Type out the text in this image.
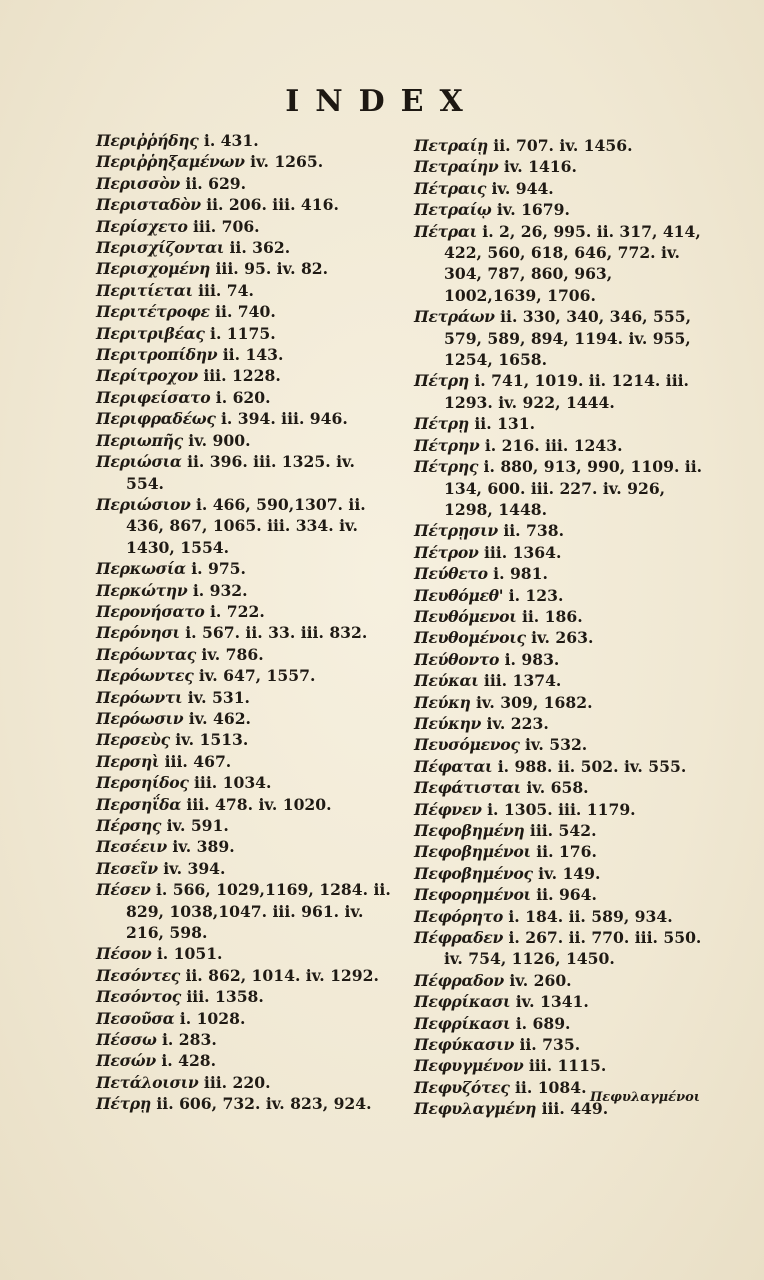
INDEX
Περιῤῥήδης i. 431.
Περιῤῥηξαμένων iv. 1265.
Περισσὸν ii. 629.
Περισταδὸν ii. 206. iii. 416.
Περίσχετο iii. 706.
Περισχίζονται ii. 362.
Περισχομένη iii. 95. iv. 82.
Περιτίεται iii. 74.
Περιτέτροφε ii. 740.
Περιτριβέας i. 1175.
Περιτροπίδην ii. 143.
Περίτροχον iii. 1228.
Περιφείσατο i. 620.
Περιφραδέως i. 394. iii. 946.
Περιωπῆς iv. 900.
Περιώσια ii. 396. iii. 1325. iv. 554.
Περιώσιον i. 466, 590,1307. ii. 436, 867, 1065. iii. 334. iv. 1430, 1554.
Περκωσία i. 975.
Περκώτην i. 932.
Περονήσατο i. 722.
Περόνησι i. 567. ii. 33. iii. 832.
Περόωντας iv. 786.
Περόωντες iv. 647, 1557.
Περόωντι iv. 531.
Περόωσιν iv. 462.
Περσεὺς iv. 1513.
Περσηὶ iii. 467.
Περσηίδος iii. 1034.
Περσηΐδα iii. 478. iv. 1020.
Πέρσης iv. 591.
Πεσέειν iv. 389.
Πεσεῖν iv. 394.
Πέσεν i. 566, 1029,1169, 1284. ii. 829, 1038,1047. iii. 961. iv. 216, 598.
Πέσον i. 1051.
Πεσόντες ii. 862, 1014. iv. 1292.
Πεσόντος iii. 1358.
Πεσοῦσα i. 1028.
Πέσσω i. 283.
Πεσών i. 428.
Πετάλοισιν iii. 220.
Πέτρῃ ii. 606, 732. iv. 823, 924.
Πετραίῃ ii. 707. iv. 1456.
Πετραίην iv. 1416.
Πέτραις iv. 944.
Πετραίῳ iv. 1679.
Πέτραι i. 2, 26, 995. ii. 317, 414, 422, 560, 618, 646, 772. iv. 304, 787, 860, 963, 1002,1639, 1706.
Πετράων ii. 330, 340, 346, 555, 579, 589, 894, 1194. iv. 955, 1254, 1658.
Πέτρη i. 741, 1019. ii. 1214. iii. 1293. iv. 922, 1444.
Πέτρῃ ii. 131.
Πέτρην i. 216. iii. 1243.
Πέτρης i. 880, 913, 990, 1109. ii. 134, 600. iii. 227. iv. 926, 1298, 1448.
Πέτρῃσιν ii. 738.
Πέτρον iii. 1364.
Πεύθετο i. 981.
Πευθόμεθ' i. 123.
Πευθόμενοι ii. 186.
Πευθομένοις iv. 263.
Πεύθοντο i. 983.
Πεύκαι iii. 1374.
Πεύκη iv. 309, 1682.
Πεύκην iv. 223.
Πευσόμενος iv. 532.
Πέφαται i. 988. ii. 502. iv. 555.
Πεφάτισται iv. 658.
Πέφνεν i. 1305. iii. 1179.
Πεφοβημένη iii. 542.
Πεφοβημένοι ii. 176.
Πεφοβημένος iv. 149.
Πεφορημένοι ii. 964.
Πεφόρητο i. 184. ii. 589, 934.
Πέφραδεν i. 267. ii. 770. iii. 550. iv. 754, 1126, 1450.
Πέφραδον iv. 260.
Πεφρίκασι iv. 1341.
Πεφρίκασι i. 689.
Πεφύκασιν ii. 735.
Πεφυγμένον iii. 1115.
Πεφυζότες ii. 1084.
Πεφυλαγμένη iii. 449.
Πεφυλαγμένοι
